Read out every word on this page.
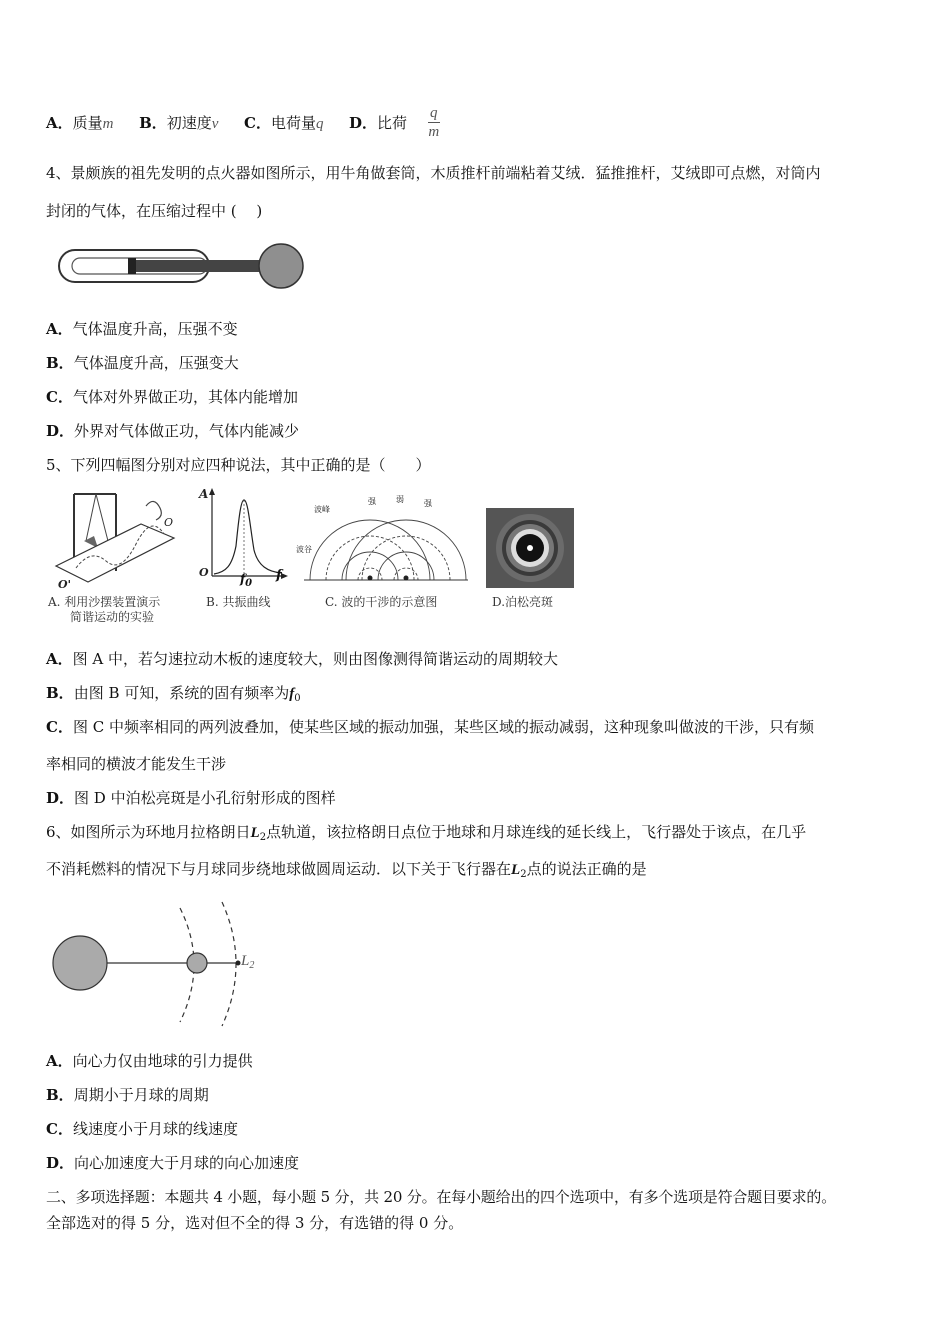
A．质量m B．初速度v C．电荷量q D．比荷 $\frac{q}{m}$
4、景颇族的祖先发明的点火器如图所示，用牛角做套筒，木质推杆前端粘着艾绒．猛推推杆，艾绒即可点燃，对筒内
封闭的气体，在压缩过程中 (　 )
A．气体温度升高，压强不变
B．气体温度升高，压强变大
C．气体对外界做正功，其体内能增加
D．外界对气体做正功，气体内能减少
5、下列四幅图分别对应四种说法，其中正确的是（　　）
O
O'
A. 利用沙摆装置演示
简谐运动的实验
A
O	$f_0$
f
B. 共振曲线
波峰
波谷
强	弱	强
C. 波的干涉的示意图	D.泊松亮斑
A．图 A 中，若匀速拉动木板的速度较大，则由图像测得简谐运动的周期较大
B．由图 B 可知，系统的固有频率为$f_0$
C．图 C 中频率相同的两列波叠加，使某些区域的振动加强，某些区域的振动减弱，这种现象叫做波的干涉，只有频
率相同的横波才能发生干涉
D．图 D 中泊松亮斑是小孔衍射形成的图样
6、如图所示为环地月拉格朗日$L_2$点轨道，该拉格朗日点位于地球和月球连线的延长线上，飞行器处于该点，在几乎
不消耗燃料的情况下与月球同步绕地球做圆周运动．以下关于飞行器在$L_2$点的说法正确的是
$L_2$
A．向心力仅由地球的引力提供
B．周期小于月球的周期
C．线速度小于月球的线速度
D．向心加速度大于月球的向心加速度
二、多项选择题：本题共 4 小题，每小题 5 分，共 20 分。在每小题给出的四个选项中，有多个选项是符合题目要求的。
全部选对的得 5 分，选对但不全的得 3 分，有选错的得 0 分。
